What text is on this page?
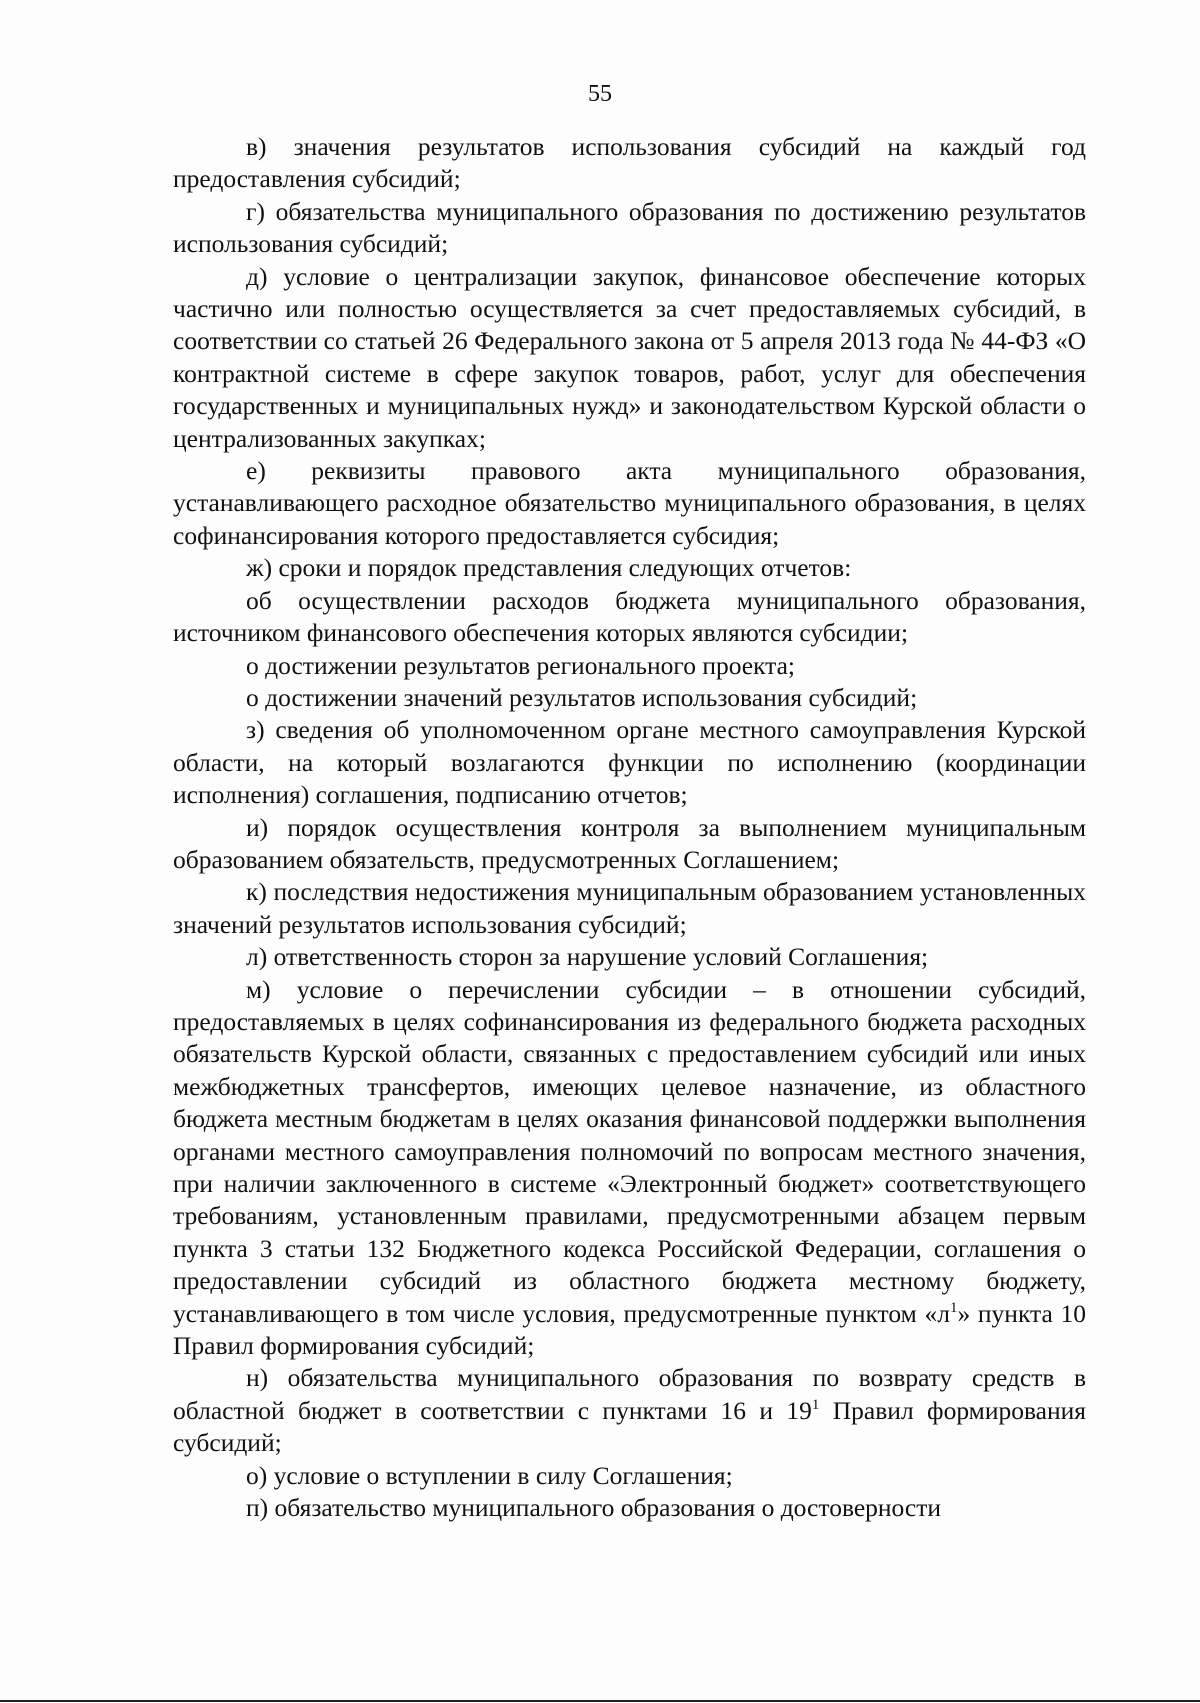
55

в) значения результатов использования субсидий на каждый год предоставления субсидий;

г) обязательства муниципального образования по достижению результатов использования субсидий;

д) условие о централизации закупок, финансовое обеспечение которых частично или полностью осуществляется за счет предоставляемых субсидий, в соответствии со статьей 26 Федерального закона от 5 апреля 2013 года № 44-ФЗ «О контрактной системе в сфере закупок товаров, работ, услуг для обеспечения государственных и муниципальных нужд» и законодательством Курской области о централизованных закупках;

е) реквизиты правового акта муниципального образования, устанавливающего расходное обязательство муниципального образования, в целях софинансирования которого предоставляется субсидия;

ж) сроки и порядок представления следующих отчетов:

об осуществлении расходов бюджета муниципального образования, источником финансового обеспечения которых являются субсидии;

о достижении результатов регионального проекта;

о достижении значений результатов использования субсидий;

з) сведения об уполномоченном органе местного самоуправления Курской области, на который возлагаются функции по исполнению (координации исполнения) соглашения, подписанию отчетов;

и) порядок осуществления контроля за выполнением муниципальным образованием обязательств, предусмотренных Соглашением;

к) последствия недостижения муниципальным образованием установленных значений результатов использования субсидий;

л) ответственность сторон за нарушение условий Соглашения;

м) условие о перечислении субсидии – в отношении субсидий, предоставляемых в целях софинансирования из федерального бюджета расходных обязательств Курской области, связанных с предоставлением субсидий или иных межбюджетных трансфертов, имеющих целевое назначение, из областного бюджета местным бюджетам в целях оказания финансовой поддержки выполнения органами местного самоуправления полномочий по вопросам местного значения, при наличии заключенного в системе «Электронный бюджет» соответствующего требованиям, установленным правилами, предусмотренными абзацем первым пункта 3 статьи 132 Бюджетного кодекса Российской Федерации, соглашения о предоставлении субсидий из областного бюджета местному бюджету, устанавливающего в том числе условия, предусмотренные пунктом «$л^1$» пункта 10 Правил формирования субсидий;

н) обязательства муниципального образования по возврату средств в областной бюджет в соответствии с пунктами 16 и $19^1$ Правил формирования субсидий;

о) условие о вступлении в силу Соглашения;

п) обязательство муниципального образования о достоверности
